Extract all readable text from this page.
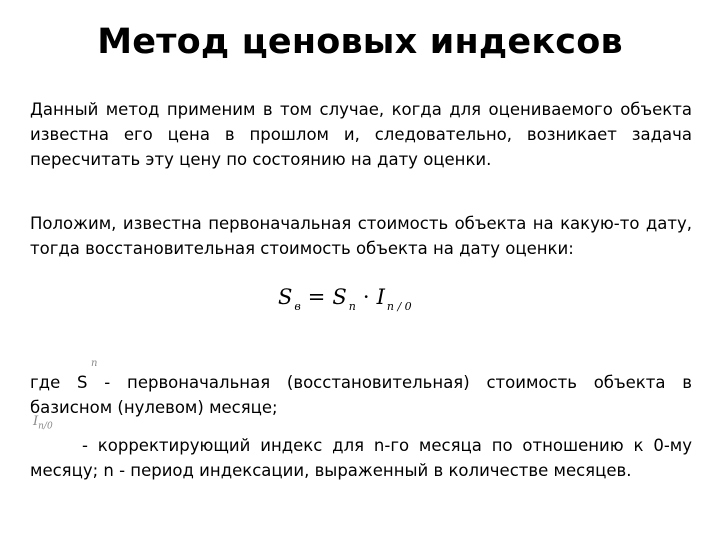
Метод ценовых индексов

Данный метод применим в том случае, когда для оцениваемого объекта известна его цена в прошлом и, следовательно, возникает задача пересчитать эту цену по состоянию на дату оценки.

Положим, известна первоначальная стоимость объекта на какую-то дату, тогда восстановительная стоимость объекта на дату оценки:

S $_в$ = S $_n$ · I $_{n / 0}$
n

где S - первоначальная (восстановительная) стоимость объекта в базисном (нулевом) месяце;

$I_{n/0}$

- корректирующий индекс для n-го месяца по отношению к 0-му месяцу; n - период индексации, выраженный в количестве месяцев.
